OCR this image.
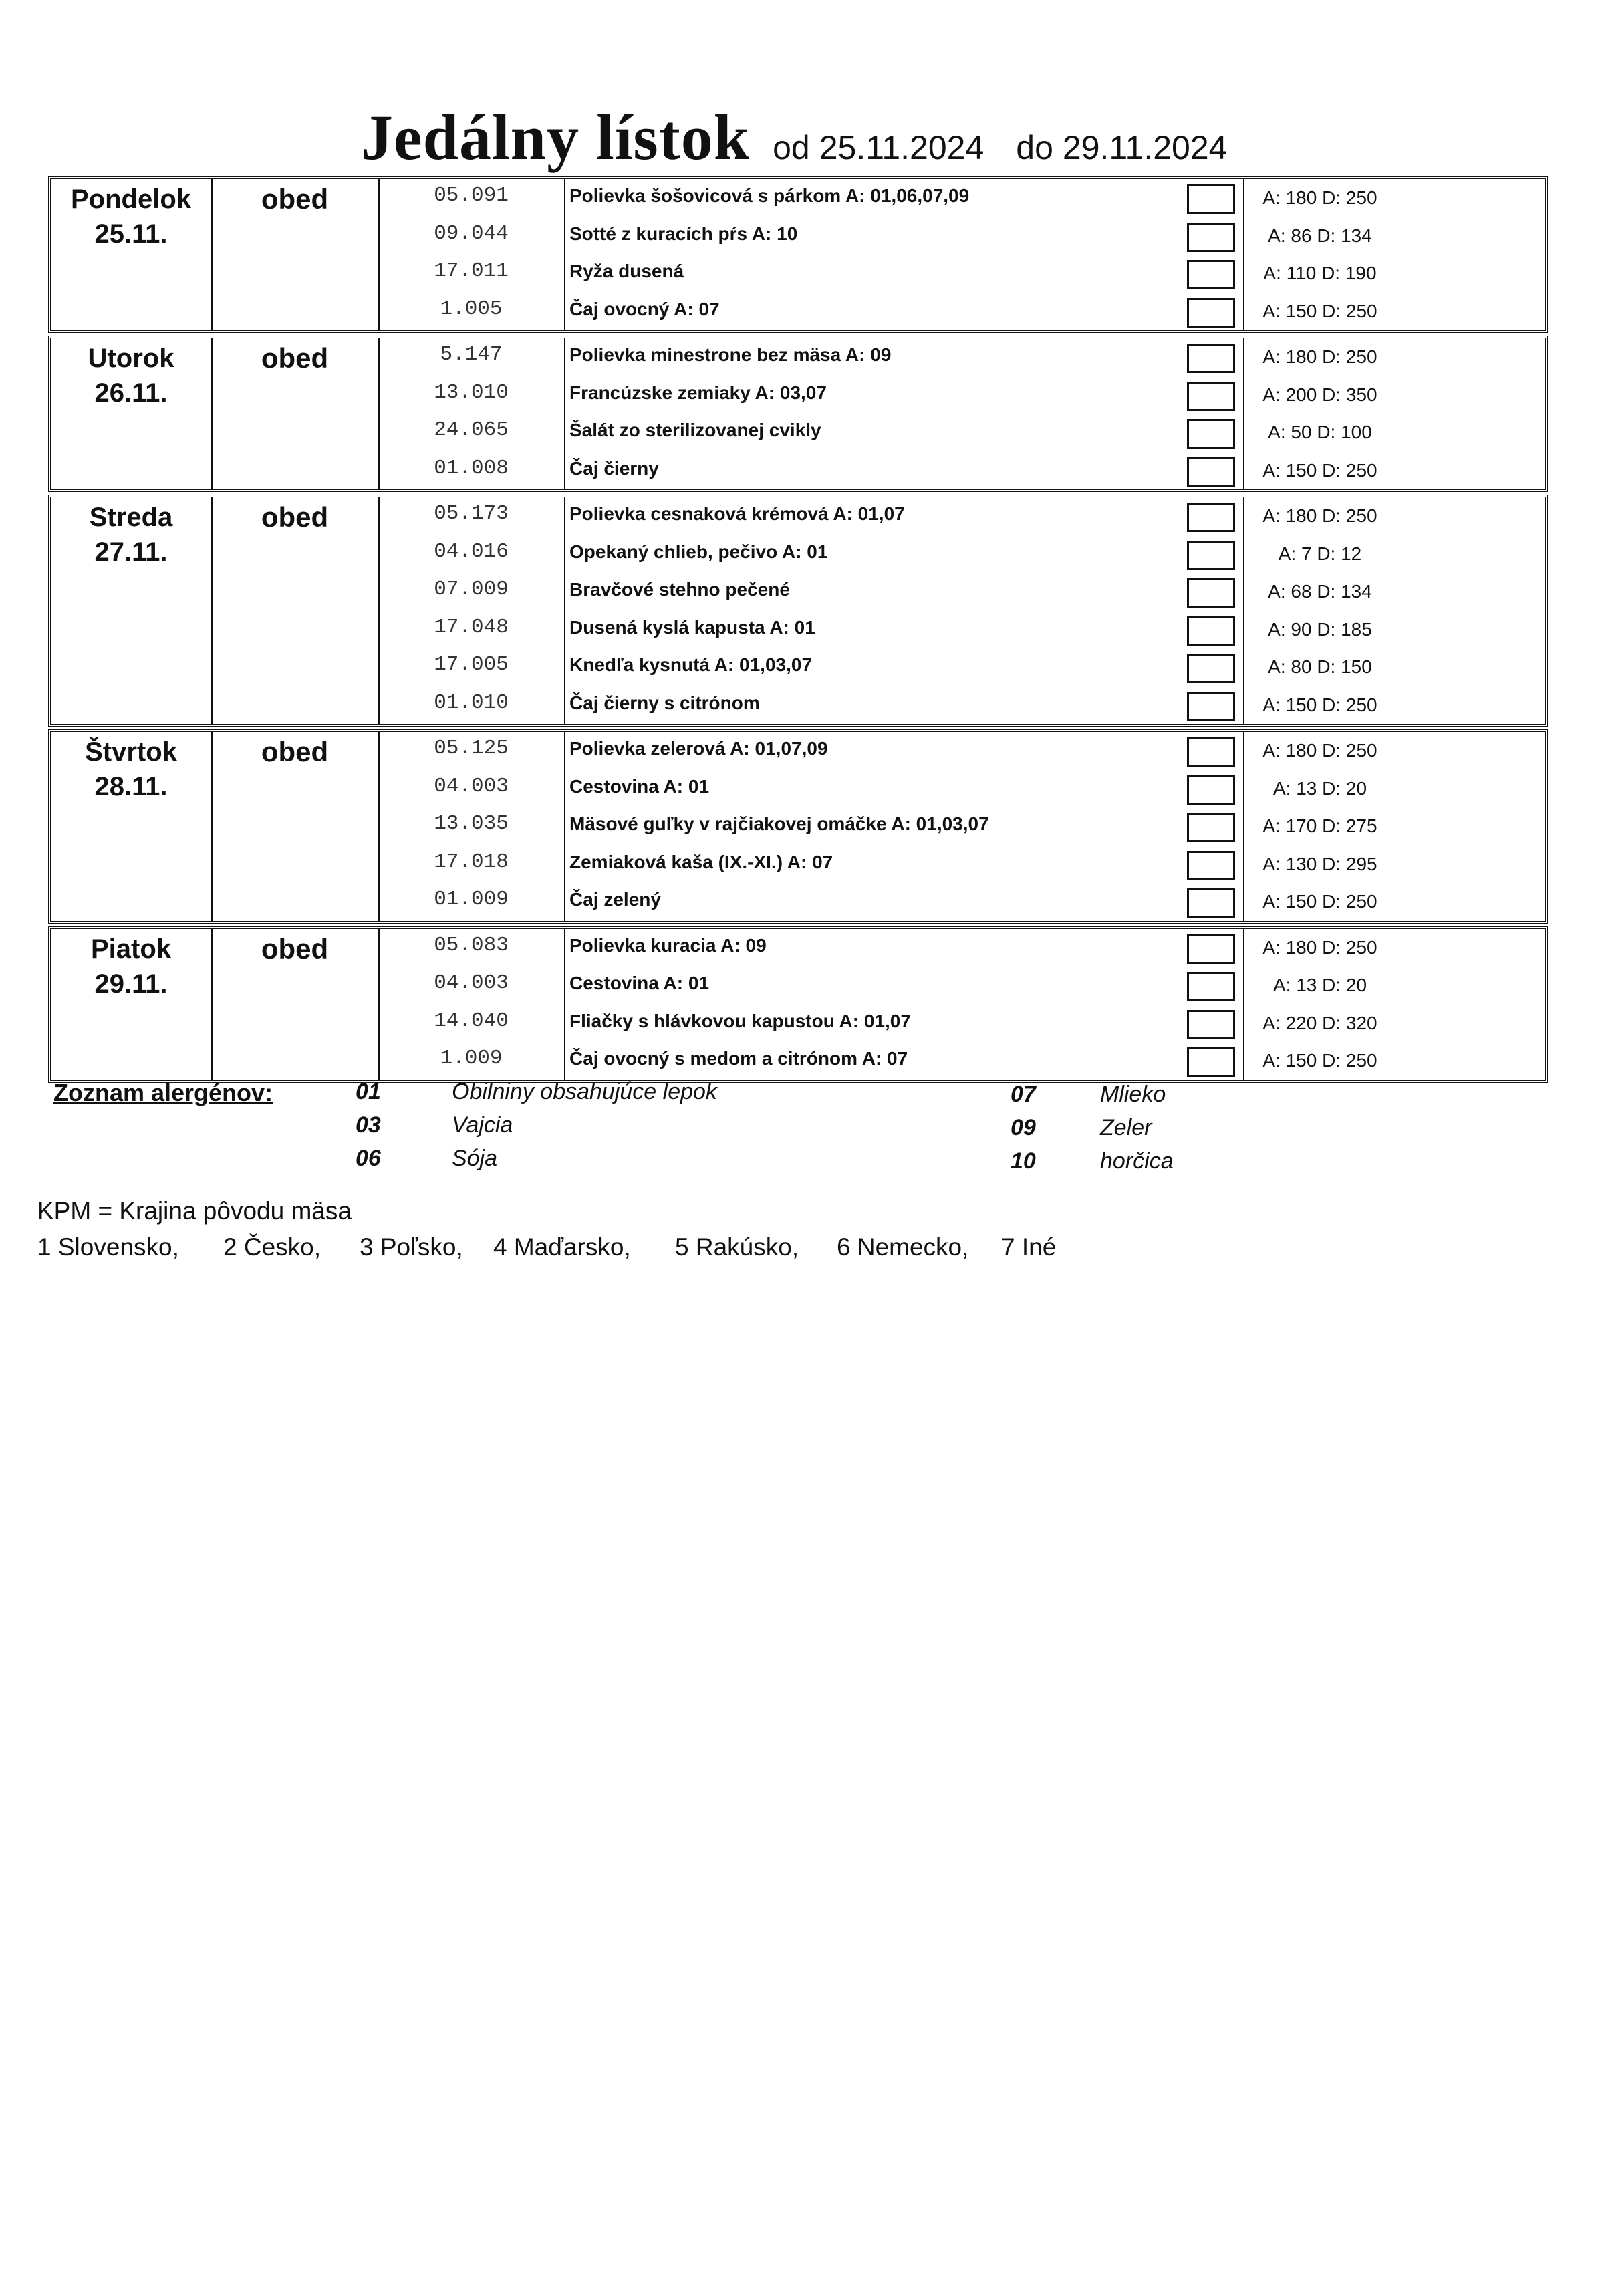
Jedálny lístok od 25.11.2024 do 29.11.2024
Pondelok
25.11.
obed	05.091	Polievka šošovicová s párkom A: 01,06,07,09	A: 180 D: 250
09.044	Sotté z kuracích pŕs A: 10	A: 86 D: 134
17.011	Ryža dusená	A: 110 D: 190
1.005	Čaj ovocný A: 07	A: 150 D: 250
Utorok
26.11.
obed	5.147	Polievka minestrone bez mäsa A: 09	A: 180 D: 250
13.010	Francúzske zemiaky A: 03,07	A: 200 D: 350
24.065	Šalát zo sterilizovanej cvikly	A: 50 D: 100
01.008	Čaj čierny	A: 150 D: 250
Streda
27.11.
obed	05.173	Polievka cesnaková krémová A: 01,07	A: 180 D: 250
04.016	Opekaný chlieb, pečivo A: 01	A: 7 D: 12
07.009	Bravčové stehno pečené	A: 68 D: 134
17.048	Dusená kyslá kapusta A: 01	A: 90 D: 185
17.005	Knedľa kysnutá A: 01,03,07	A: 80 D: 150
01.010	Čaj čierny s citrónom	A: 150 D: 250
Štvrtok
28.11.
obed	05.125	Polievka zelerová A: 01,07,09	A: 180 D: 250
04.003	Cestovina A: 01	A: 13 D: 20
13.035	Mäsové guľky v rajčiakovej omáčke A: 01,03,07	A: 170 D: 275
17.018	Zemiaková kaša (IX.-XI.) A: 07	A: 130 D: 295
01.009	Čaj zelený	A: 150 D: 250
Piatok
29.11.
obed	05.083	Polievka kuracia A: 09	A: 180 D: 250
04.003	Cestovina A: 01	A: 13 D: 20
14.040	Fliačky s hlávkovou kapustou A: 01,07	A: 220 D: 320
1.009	Čaj ovocný s medom a citrónom A: 07	A: 150 D: 250
Zoznam alergénov:	01	Obilniny obsahujúce lepok
03	Vajcia
06	Sója
07	Mlieko
09	Zeler
10	horčica
KPM = Krajina pôvodu mäsa
1 Slovensko, 2 Česko, 3 Poľsko, 4 Maďarsko, 5 Rakúsko, 6 Nemecko, 7 Iné
